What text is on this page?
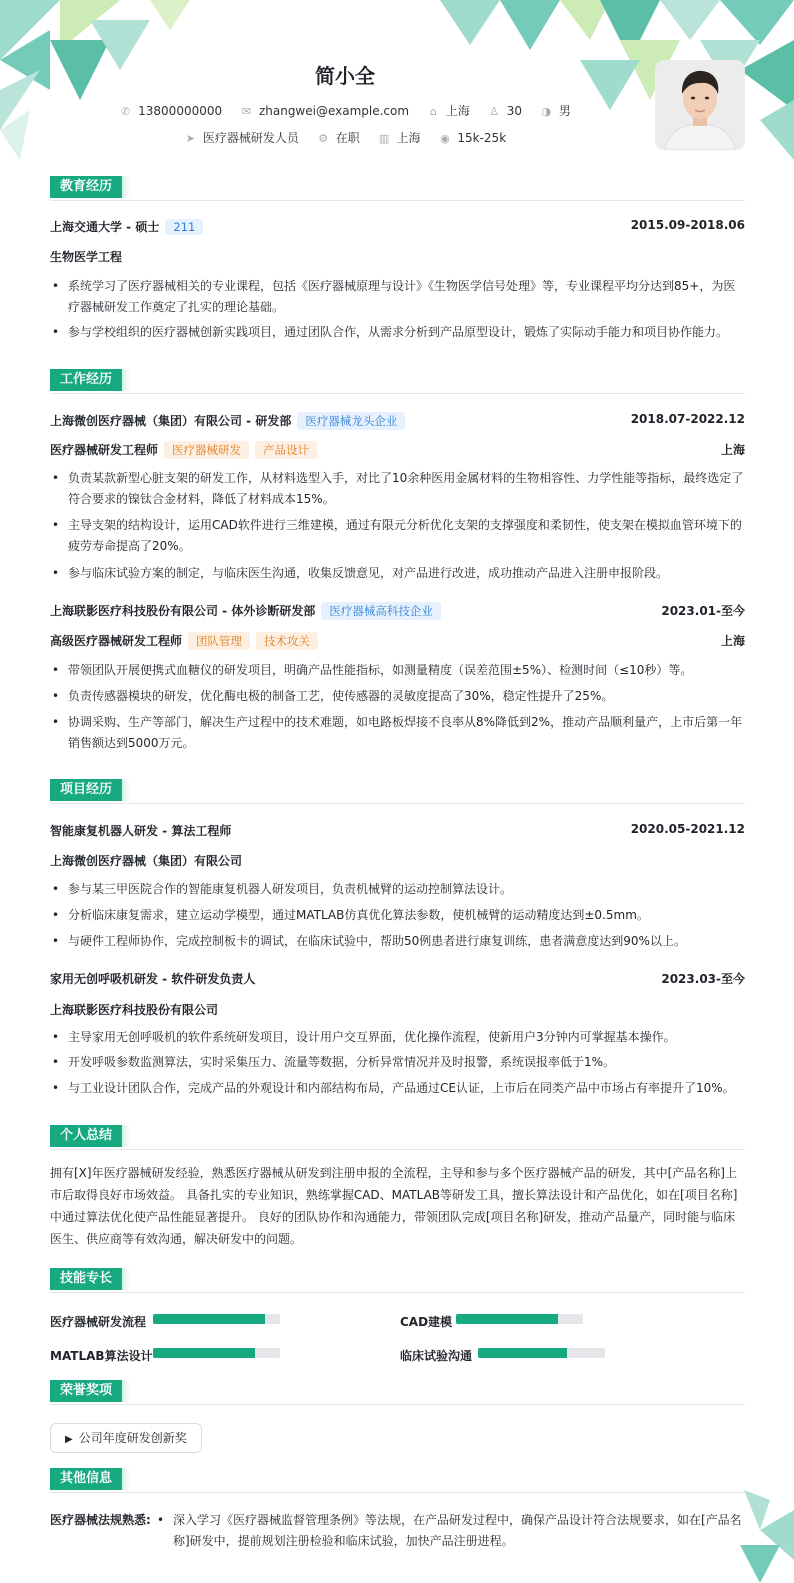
简小全
✆ 13800000000 ✉ zhangwei@example.com ⌂ 上海 ♙ 30 ◑ 男
➤ 医疗器械研发人员 ⚙ 在职 ▥ 上海 ◉ 15k-25k
教育经历
上海交通大学 - 硕士 211	2015.09-2018.06
生物医学工程
• 系统学习了医疗器械相关的专业课程，包括《医疗器械原理与设计》《生物医学信号处理》等，专业课程平均分达到85+，为医疗器械研发工作奠定了扎实的理论基础。
• 参与学校组织的医疗器械创新实践项目，通过团队合作，从需求分析到产品原型设计，锻炼了实际动手能力和项目协作能力。
工作经历
上海微创医疗器械（集团）有限公司 - 研发部 医疗器械龙头企业	2018.07-2022.12
医疗器械研发工程师 医疗器械研发 产品设计	上海
• 负责某款新型心脏支架的研发工作，从材料选型入手，对比了10余种医用金属材料的生物相容性、力学性能等指标，最终选定了符合要求的镍钛合金材料，降低了材料成本15%。
• 主导支架的结构设计，运用CAD软件进行三维建模，通过有限元分析优化支架的支撑强度和柔韧性，使支架在模拟血管环境下的疲劳寿命提高了20%。
• 参与临床试验方案的制定，与临床医生沟通，收集反馈意见，对产品进行改进，成功推动产品进入注册申报阶段。
上海联影医疗科技股份有限公司 - 体外诊断研发部 医疗器械高科技企业	2023.01-至今
高级医疗器械研发工程师 团队管理 技术攻关	上海
• 带领团队开展便携式血糖仪的研发项目，明确产品性能指标，如测量精度（误差范围±5%）、检测时间（≤10秒）等。
• 负责传感器模块的研发，优化酶电极的制备工艺，使传感器的灵敏度提高了30%，稳定性提升了25%。
• 协调采购、生产等部门，解决生产过程中的技术难题，如电路板焊接不良率从8%降低到2%，推动产品顺利量产，上市后第一年销售额达到5000万元。
项目经历
智能康复机器人研发 - 算法工程师	2020.05-2021.12
上海微创医疗器械（集团）有限公司
• 参与某三甲医院合作的智能康复机器人研发项目，负责机械臂的运动控制算法设计。
• 分析临床康复需求，建立运动学模型，通过MATLAB仿真优化算法参数，使机械臂的运动精度达到±0.5mm。
• 与硬件工程师协作，完成控制板卡的调试，在临床试验中，帮助50例患者进行康复训练，患者满意度达到90%以上。
家用无创呼吸机研发 - 软件研发负责人	2023.03-至今
上海联影医疗科技股份有限公司
• 主导家用无创呼吸机的软件系统研发项目，设计用户交互界面，优化操作流程，使新用户3分钟内可掌握基本操作。
• 开发呼吸参数监测算法，实时采集压力、流量等数据，分析异常情况并及时报警，系统误报率低于1%。
• 与工业设计团队合作，完成产品的外观设计和内部结构布局，产品通过CE认证，上市后在同类产品中市场占有率提升了10%。
个人总结
拥有[X]年医疗器械研发经验，熟悉医疗器械从研发到注册申报的全流程，主导和参与多个医疗器械产品的研发，其中[产品名称]上市后取得良好市场效益。 具备扎实的专业知识，熟练掌握CAD、MATLAB等研发工具，擅长算法设计和产品优化，如在[项目名称]中通过算法优化使产品性能显著提升。 良好的团队协作和沟通能力，带领团队完成[项目名称]研发，推动产品量产，同时能与临床医生、供应商等有效沟通，解决研发中的问题。
技能专长
医疗器械研发流程	CAD建模
MATLAB算法设计	临床试验沟通
荣誉奖项
▶ 公司年度研发创新奖
其他信息
医疗器械法规熟悉:
•	深入学习《医疗器械监督管理条例》等法规，在产品研发过程中，确保产品设计符合法规要求，如在[产品名称]研发中，提前规划注册检验和临床试验，加快产品注册进程。
